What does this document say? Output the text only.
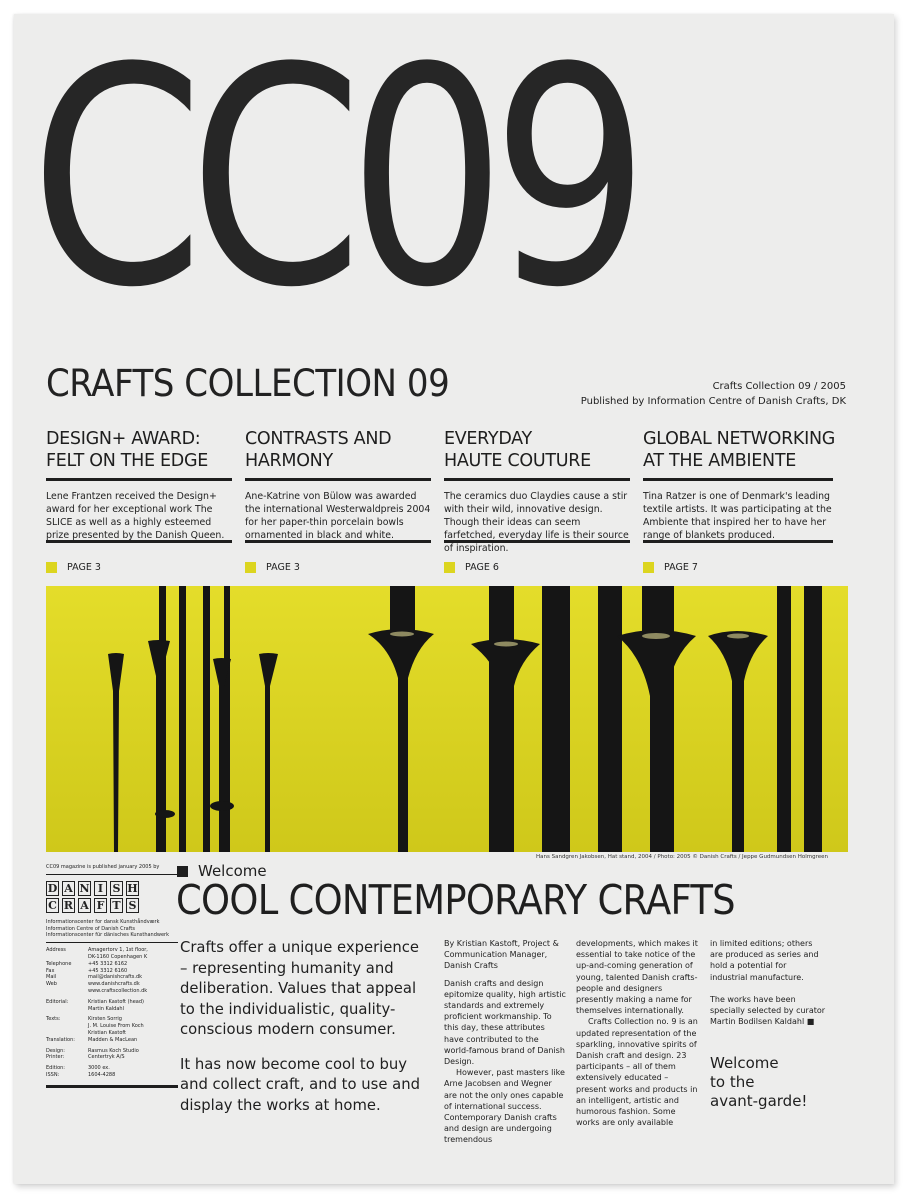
CC09
CRAFTS COLLECTION 09	Crafts Collection 09 / 2005
Published by Information Centre of Danish Crafts, DK
DESIGN+ AWARD:
FELT ON THE EDGE
Lene Frantzen received the Design+ award for her exceptional work The SLICE as well as a highly esteemed prize presented by the Danish Queen.
PAGE 3
CONTRASTS AND
HARMONY
Ane-Katrine von Bülow was awarded the international Westerwaldpreis 2004 for her paper-thin porcelain bowls ornamented in black and white.
PAGE 3
EVERYDAY
HAUTE COUTURE
The ceramics duo Claydies cause a stir with their wild, innovative design. Though their ideas can seem farfetched, everyday life is their source of inspiration.
PAGE 6
GLOBAL NETWORKING
AT THE AMBIENTE
Tina Ratzer is one of Denmark's leading textile artists. It was participating at the Ambiente that inspired her to have her range of blankets produced.
PAGE 7
Hans Sandgren Jakobsen, Hat stand, 2004 / Photo: 2005 © Danish Crafts / Jeppe Gudmundsen Holmgreen
CC09 magazine is published january 2005 by
D A N I S H
C R A F T S
Informationscenter for dansk Kunsthåndværk
Information Centre of Danish Crafts
Informationscenter für dänisches Kunsthandwerk
Address	Amagertorv 1, 1st floor,
DK-1160 Copenhagen K
Telephone	+45 3312 6162
Fax	+45 3312 6160
Mail	mail@danishcrafts.dk
Web	www.danishcrafts.dk
www.craftscollection.dk
Editorial:	Kristian Kastoft (head)
Martin Kaldahl
Texts:	Kirsten Sorrig
J. M. Louise From Koch
Kristian Kastoft
Translation:	Madden & MacLean
Design:	Rasmus Koch Studio
Printer:	Centertryk A/S
Edition:	3000 ex.
ISSN:	1604-4288
Welcome
COOL CONTEMPORARY CRAFTS

Crafts offer a unique experience – representing humanity and deliberation. Values that appeal to the individualistic, quality-conscious modern consumer.

It has now become cool to buy and collect craft, and to use and display the works at home.

By Kristian Kastoft, Project & Communication Manager, Danish Crafts

Danish crafts and design epitomize quality, high artistic standards and extremely proficient workmanship. To this day, these attributes have contributed to the world-famous brand of Danish Design.

However, past masters like Arne Jacobsen and Wegner are not the only ones capable of international success. Contemporary Danish crafts and design are undergoing tremendous

developments, which makes it essential to take notice of the up-and-coming generation of young, talented Danish crafts-people and designers presently making a name for themselves internationally.

Crafts Collection no. 9 is an updated representation of the sparkling, innovative spirits of Danish craft and design. 23 participants – all of them extensively educated – present works and products in an intelligent, artistic and humorous fashion. Some works are only available

in limited editions; others are produced as series and hold a potential for industrial manufacture.

The works have been specially selected by curator Martin Bodilsen Kaldahl ■

Welcome
to the
avant-garde!
